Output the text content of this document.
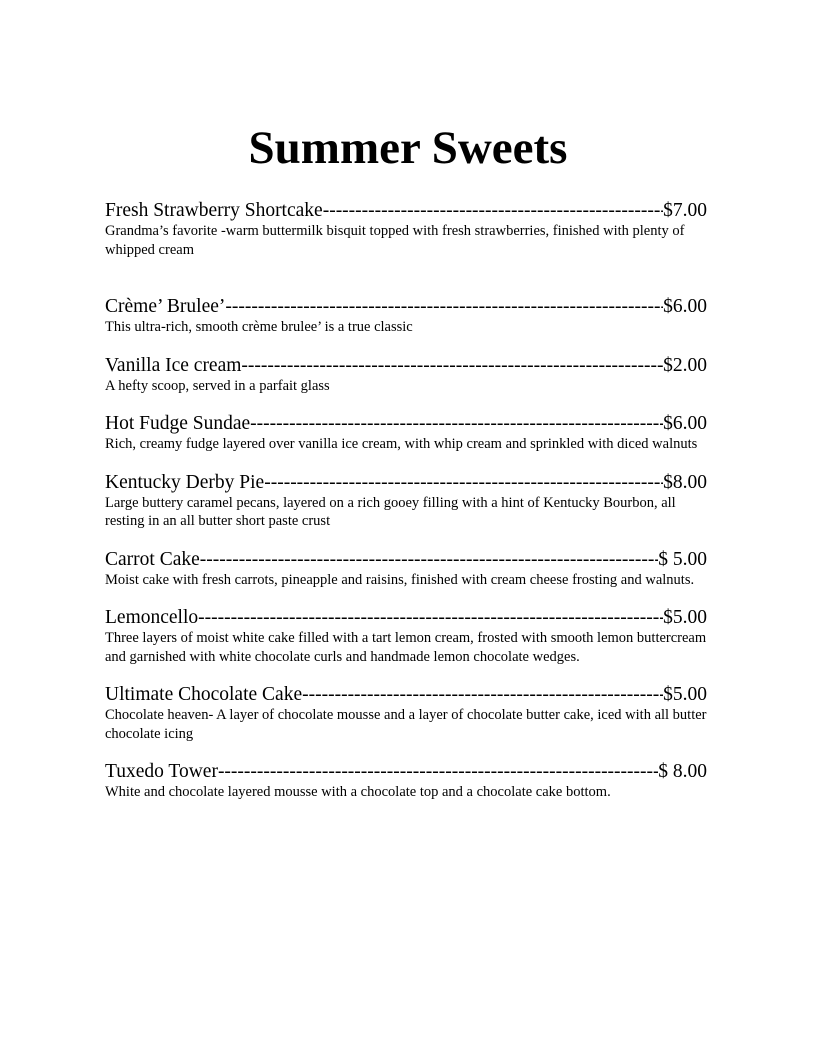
Summer Sweets
Fresh Strawberry Shortcake -----	$7.00

Grandma’s favorite -warm buttermilk bisquit topped with fresh strawberries, finished with plenty of whipped cream

Crème’ Brulee’ -----	$6.00

This ultra-rich, smooth crème brulee’ is a true classic

Vanilla Ice cream -----	$2.00

A hefty scoop, served in a parfait glass

Hot Fudge Sundae -----	$6.00

Rich, creamy fudge layered over vanilla ice cream, with whip cream and sprinkled with diced walnuts

Kentucky Derby Pie -----	$8.00

Large buttery caramel pecans, layered on a rich gooey filling with a hint of Kentucky Bourbon, all resting in an all butter short paste crust

Carrot Cake -----	$ 5.00

Moist cake with fresh carrots, pineapple and raisins, finished with cream cheese frosting and walnuts.

Lemoncello -----	$5.00

Three layers of moist white cake filled with a tart lemon cream, frosted with smooth lemon buttercream and garnished with white chocolate curls and handmade lemon chocolate wedges.

Ultimate Chocolate Cake -----	$5.00

Chocolate heaven- A layer of chocolate mousse and a layer of chocolate butter cake, iced with all butter chocolate icing

Tuxedo Tower -----	$ 8.00

White and chocolate layered mousse with a chocolate top and a chocolate cake bottom.
